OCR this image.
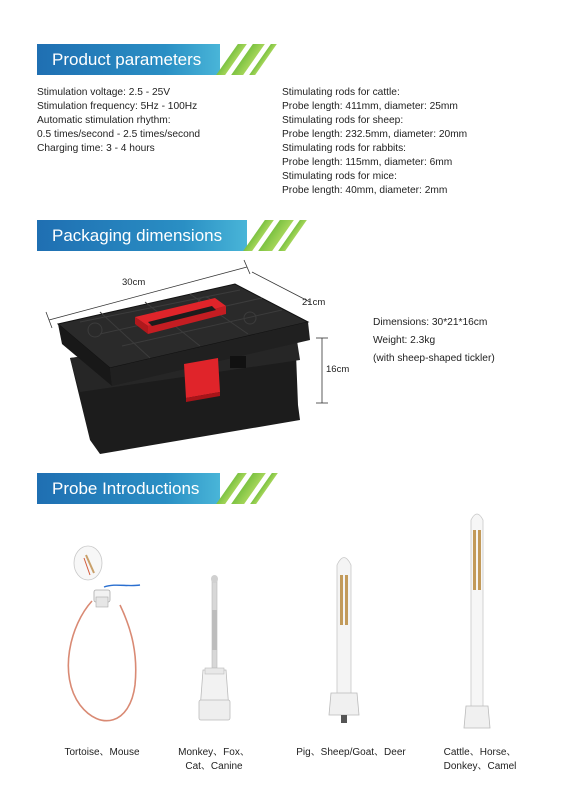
Product parameters
Stimulation voltage: 2.5 - 25V
Stimulation frequency: 5Hz - 100Hz
Automatic stimulation rhythm:
0.5 times/second - 2.5 times/second
Charging time: 3 - 4 hours
Stimulating rods for cattle:
Probe length: 411mm, diameter: 25mm
Stimulating rods for sheep:
Probe length: 232.5mm, diameter: 20mm
Stimulating rods for rabbits:
Probe length: 115mm, diameter: 6mm
Stimulating rods for mice:
Probe length: 40mm, diameter: 2mm
Packaging dimensions
30cm
21cm
16cm
Dimensions: 30*21*16cm
Weight: 2.3kg
(with sheep-shaped tickler)
Probe Introductions
Tortoise、Mouse	Monkey、Fox、
Cat、Canine
Pig、Sheep/Goat、Deer	Cattle、Horse、
Donkey、Camel
